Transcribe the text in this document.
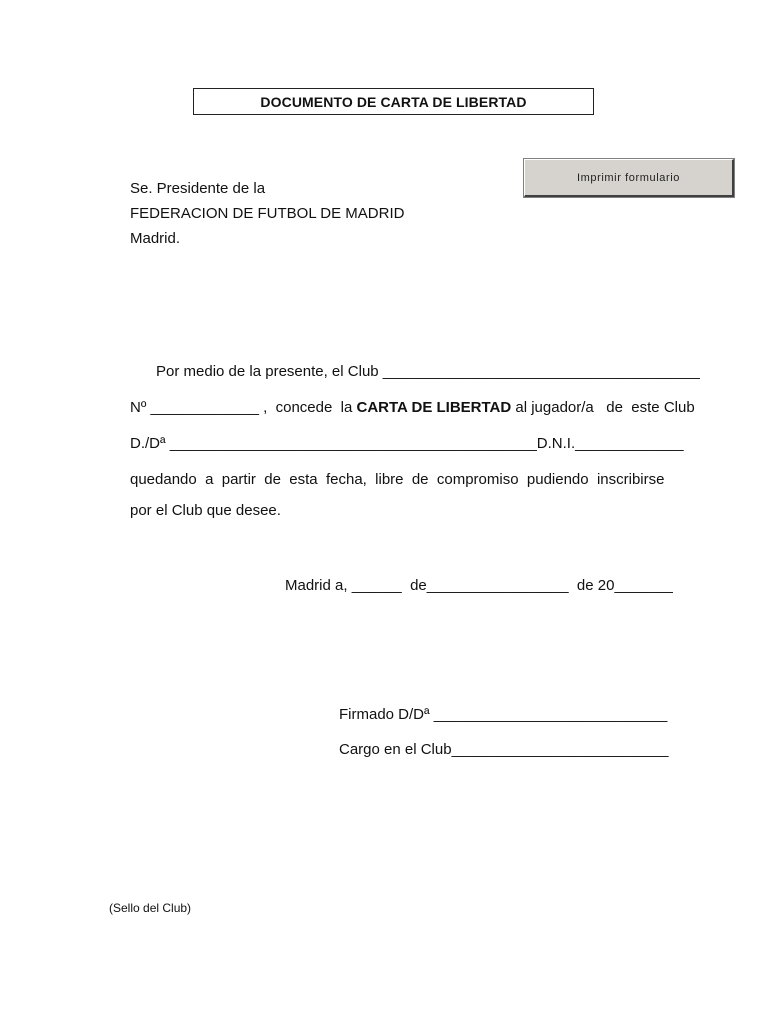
DOCUMENTO DE CARTA DE LIBERTAD
Imprimir formulario
Se. Presidente de la
FEDERACION DE FUTBOL DE MADRID
Madrid.
Por medio de la presente, el Club ______________________________________
Nº _____________ ,  concede  la CARTA DE LIBERTAD al jugador/a   de  este Club
D./Dª ____________________________________________D.N.I._____________
quedando  a  partir  de  esta  fecha,  libre  de  compromiso  pudiendo  inscribirse
por el Club que desee.
Madrid a, ______  de_________________  de 20_______
Firmado D/Dª ____________________________
Cargo en el Club__________________________
(Sello del Club)
